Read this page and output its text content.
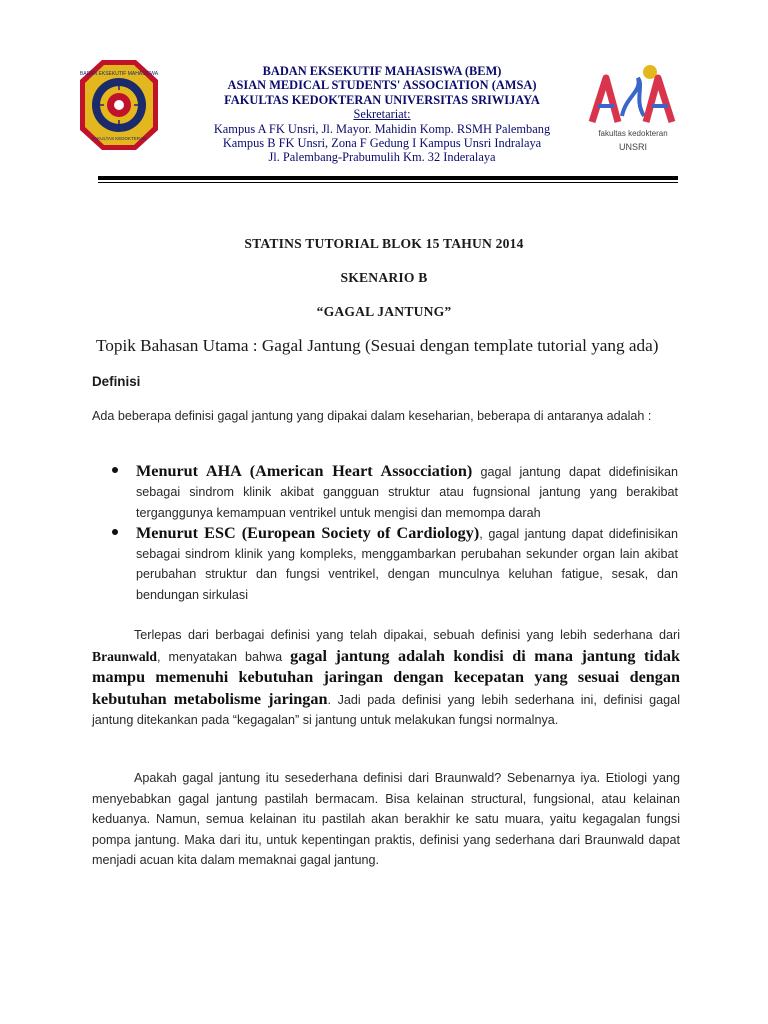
BADAN EKSEKUTIF MAHASISWA
FAKULTAS KEDOKTERAN
BADAN EKSEKUTIF MAHASISWA (BEM)
ASIAN MEDICAL STUDENTS' ASSOCIATION (AMSA)
FAKULTAS KEDOKTERAN UNIVERSITAS SRIWIJAYA
Sekretariat:
Kampus A FK Unsri, Jl. Mayor. Mahidin Komp. RSMH Palembang
Kampus B FK Unsri, Zona F Gedung I Kampus Unsri Indralaya
Jl. Palembang-Prabumulih Km. 32 Inderalaya
fakultas kedokteran
UNSRI
STATINS TUTORIAL BLOK 15 TAHUN 2014
SKENARIO B
“GAGAL JANTUNG”
Topik Bahasan Utama : Gagal Jantung (Sesuai dengan template tutorial yang ada)
Definisi
Ada beberapa definisi gagal jantung yang dipakai dalam keseharian, beberapa di antaranya adalah :
Menurut AHA (American Heart Assocciation) gagal jantung dapat didefinisikan sebagai sindrom klinik akibat gangguan struktur atau fugnsional jantung yang berakibat terganggunya kemampuan ventrikel untuk mengisi dan memompa darah
Menurut ESC (European Society of Cardiology), gagal jantung dapat didefinisikan sebagai sindrom klinik yang kompleks, menggambarkan perubahan sekunder organ lain akibat perubahan struktur dan fungsi ventrikel, dengan munculnya keluhan fatigue, sesak, dan bendungan sirkulasi
Terlepas dari berbagai definisi yang telah dipakai, sebuah definisi yang lebih sederhana dari Braunwald, menyatakan bahwa gagal jantung adalah kondisi di mana jantung tidak mampu memenuhi kebutuhan jaringan dengan kecepatan yang sesuai dengan kebutuhan metabolisme jaringan. Jadi pada definisi yang lebih sederhana ini, definisi gagal jantung ditekankan pada “kegagalan” si jantung untuk melakukan fungsi normalnya.
Apakah gagal jantung itu sesederhana definisi dari Braunwald? Sebenarnya iya. Etiologi yang menyebabkan gagal jantung pastilah bermacam. Bisa kelainan structural, fungsional, atau kelainan keduanya. Namun, semua kelainan itu pastilah akan berakhir ke satu muara, yaitu kegagalan fungsi pompa jantung. Maka dari itu, untuk kepentingan praktis, definisi yang sederhana dari Braunwald dapat menjadi acuan kita dalam memaknai gagal jantung.
